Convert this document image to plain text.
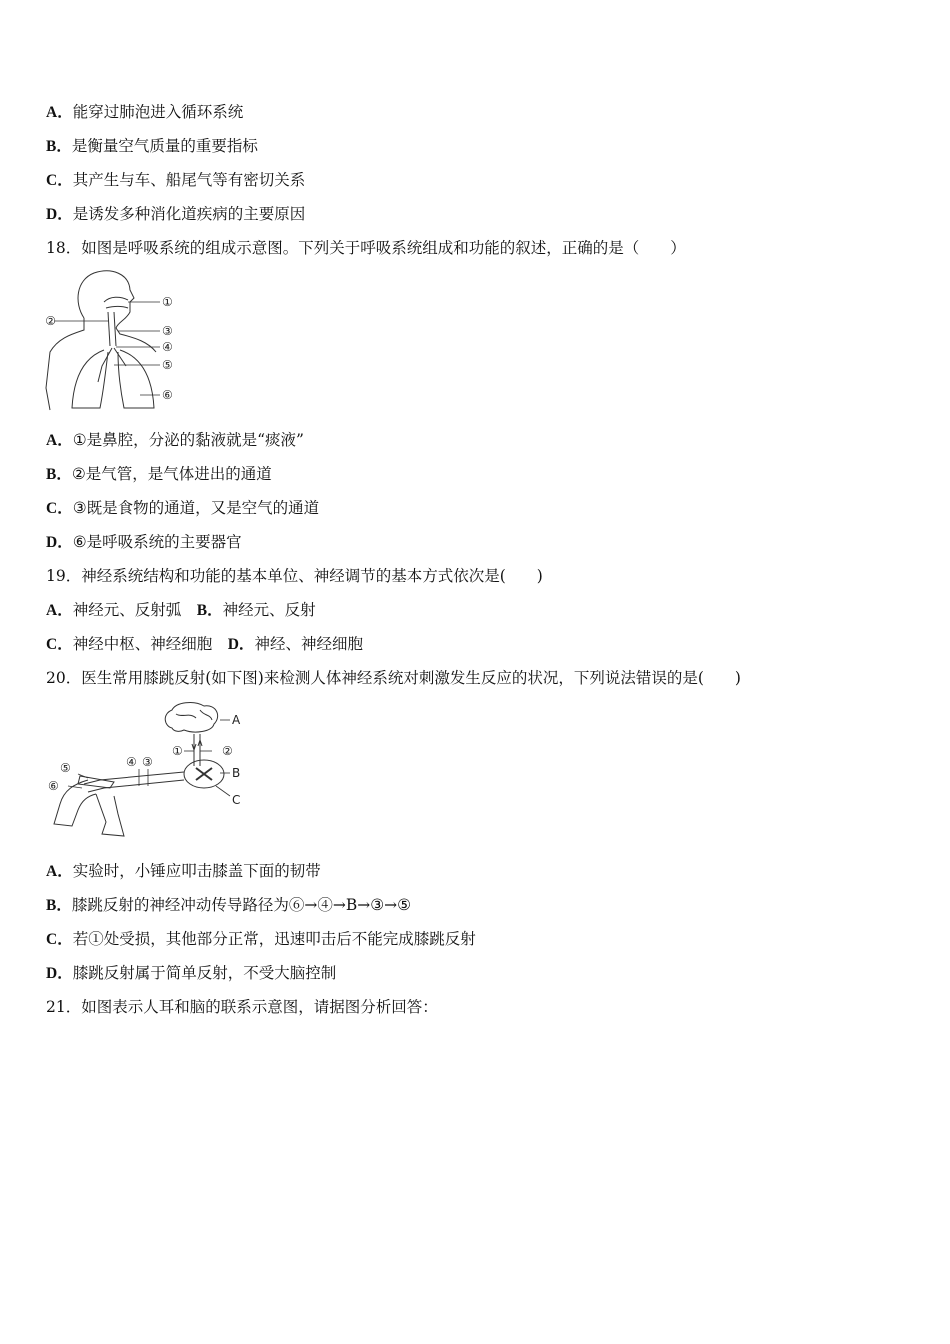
A．能穿过肺泡进入循环系统
B．是衡量空气质量的重要指标
C．其产生与车、船尾气等有密切关系
D．是诱发多种消化道疾病的主要原因
18．如图是呼吸系统的组成示意图。下列关于呼吸系统组成和功能的叙述，正确的是（　　）
①
②
③
④
⑤
⑥
A．①是鼻腔，分泌的黏液就是“痰液”
B．②是气管，是气体进出的通道
C．③既是食物的通道，又是空气的通道
D．⑥是呼吸系统的主要器官
19．神经系统结构和功能的基本单位、神经调节的基本方式依次是(　　)
A．神经元、反射弧　 B．神经元、反射
C．神经中枢、神经细胞　 D．神经、神经细胞
20．医生常用膝跳反射(如下图)来检测人体神经系统对刺激发生反应的状况，下列说法错误的是(　　)
A
①	②
B
C
③
④
⑤
⑥
A．实验时，小锤应叩击膝盖下面的韧带
B．膝跳反射的神经冲动传导路径为⑥→④→B→③→⑤
C．若①处受损，其他部分正常，迅速叩击后不能完成膝跳反射
D．膝跳反射属于简单反射，不受大脑控制
21．如图表示人耳和脑的联系示意图，请据图分析回答：
